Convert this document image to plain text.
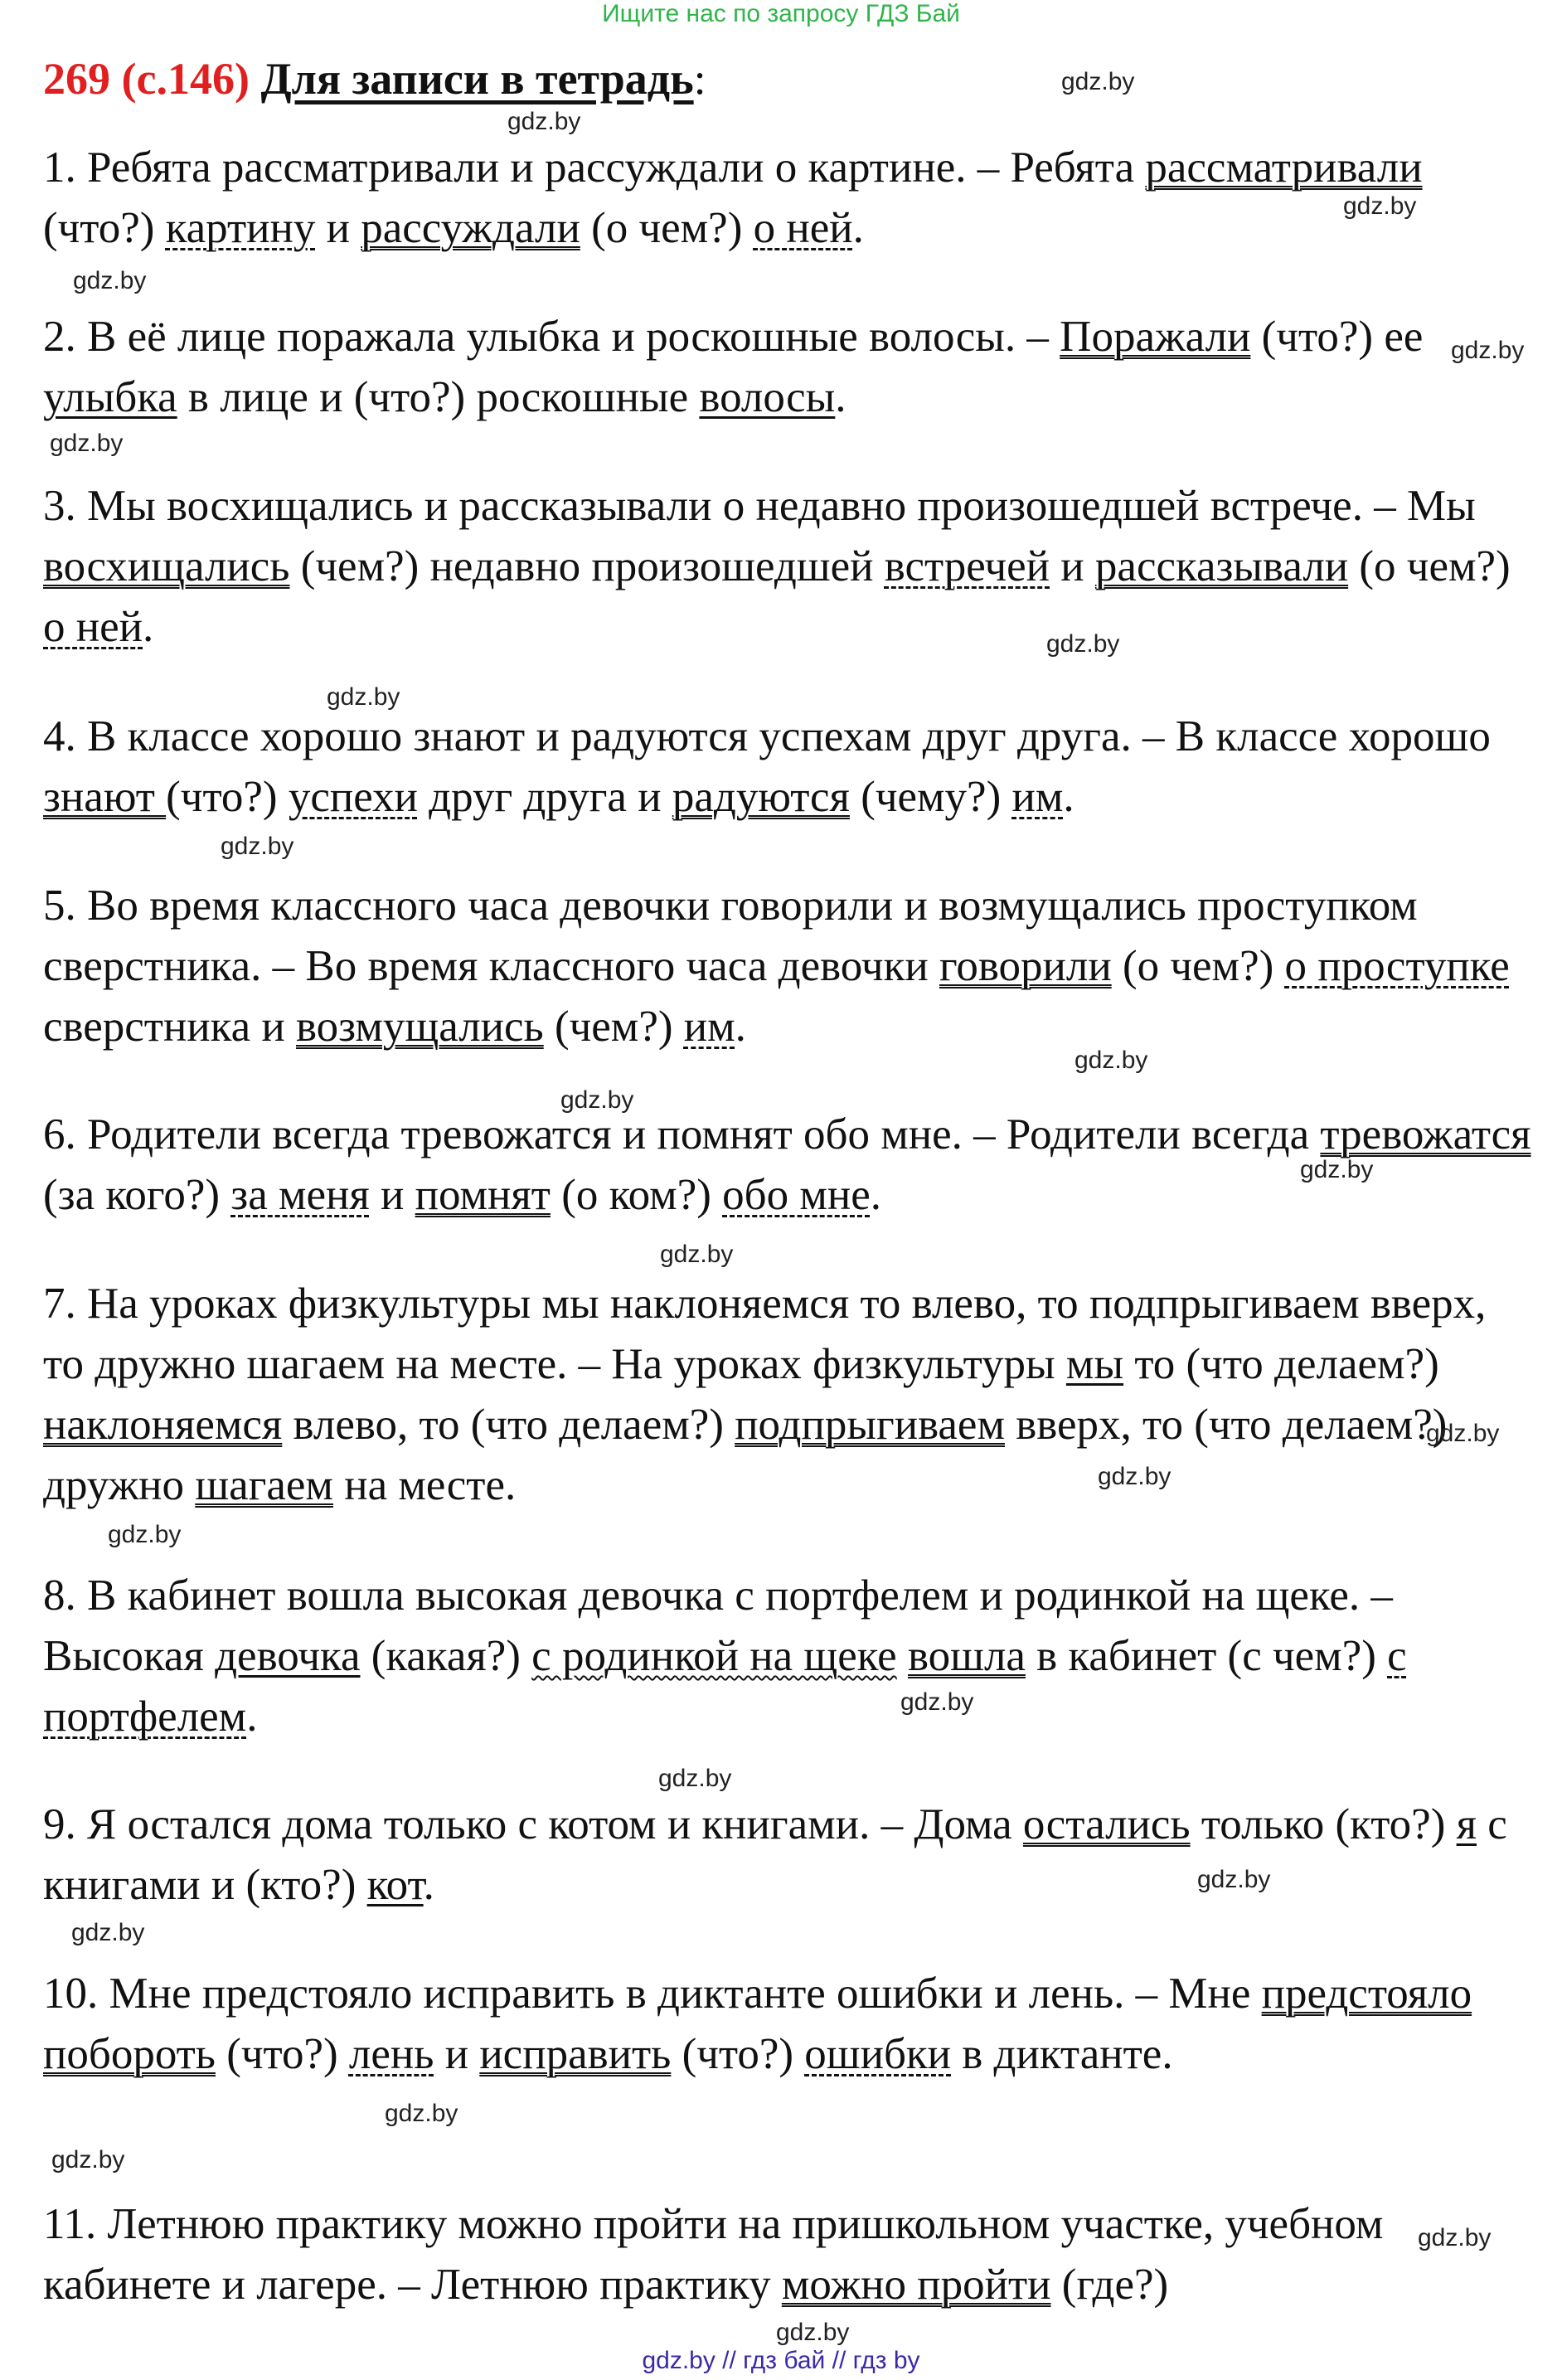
Ищите нас по запросу ГДЗ Бай
269 (с.146) Для записи в тетрадь:
1. Ребята рассматривали и рассуждали о картине. – Ребята рассматривали (что?) картину и рассуждали (о чем?) о ней.
2. В её лице поражала улыбка и роскошные волосы. – Поражали (что?) ее улыбка в лице и (что?) роскошные волосы.
3. Мы восхищались и рассказывали о недавно произошедшей встрече. – Мы восхищались (чем?) недавно произошедшей встречей и рассказывали (о чем?) о ней.
4. В классе хорошо знают и радуются успехам друг друга. – В классе хорошо знают (что?) успехи друг друга и радуются (чему?) им.
5. Во время классного часа девочки говорили и возмущались проступком сверстника. – Во время классного часа девочки говорили (о чем?) о проступке сверстника и возмущались (чем?) им.
6. Родители всегда тревожатся и помнят обо мне. – Родители всегда тревожатся (за кого?) за меня и помнят (о ком?) обо мне.
7. На уроках физкультуры мы наклоняемся то влево, то подпрыгиваем вверх, то дружно шагаем на месте. – На уроках физкультуры мы то (что делаем?) наклоняемся влево, то (что делаем?) подпрыгиваем вверх, то (что делаем?) дружно шагаем на месте.
8. В кабинет вошла высокая девочка с портфелем и родинкой на щеке. – Высокая девочка (какая?) с родинкой на щеке вошла в кабинет (с чем?) с портфелем.
9. Я остался дома только с котом и книгами. – Дома остались только (кто?) я с книгами и (кто?) кот.
10. Мне предстояло исправить в диктанте ошибки и лень. – Мне предстояло побороть (что?) лень и исправить (что?) ошибки в диктанте.
11. Летнюю практику можно пройти на пришкольном участке, учебном кабинете и лагере. – Летнюю практику можно пройти (где?)
gdz.by
gdz.by
gdz.by
gdz.by
gdz.by
gdz.by
gdz.by
gdz.by
gdz.by
gdz.by
gdz.by
gdz.by
gdz.by
gdz.by
gdz.by
gdz.by
gdz.by
gdz.by
gdz.by
gdz.by
gdz.by
gdz.by
gdz.by
gdz.by
gdz.by // гдз бай // гдз by
